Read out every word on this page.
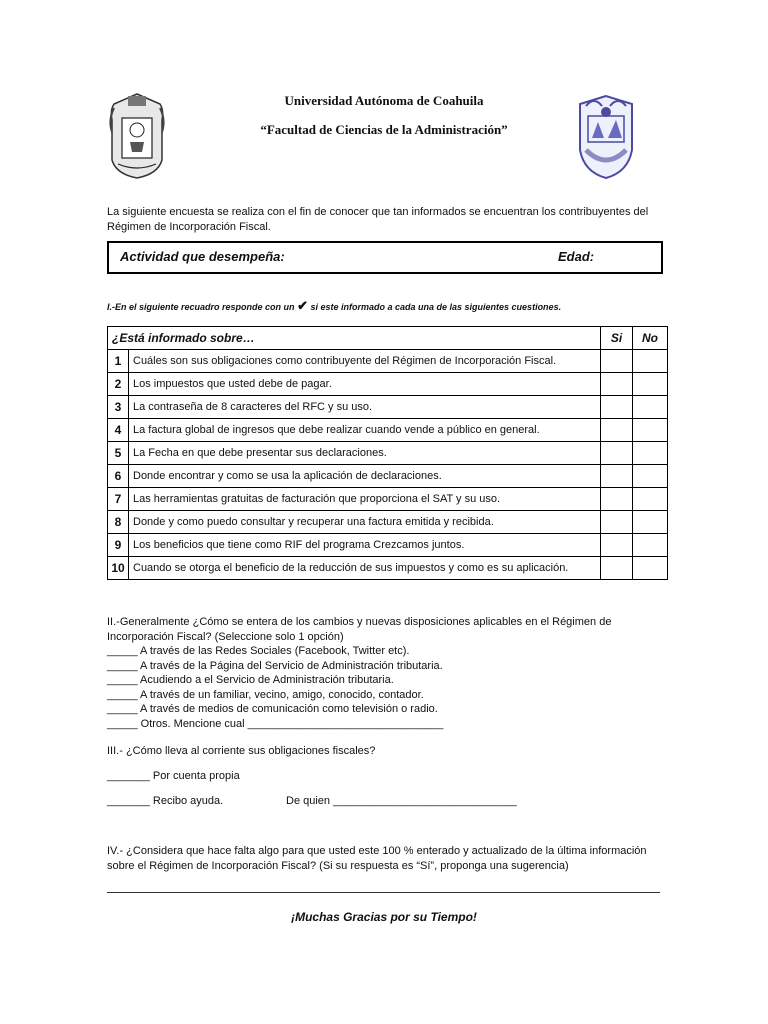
Universidad Autónoma de Coahuila
“Facultad de Ciencias de la Administración”
La siguiente encuesta se realiza con el fin de conocer que tan informados se encuentran los contribuyentes del Régimen de Incorporación Fiscal.
Actividad que desempeña:	Edad:
I.-En el siguiente recuadro responde con un ✔ si este informado a cada una de las siguientes cuestiones.
¿Está informado sobre…		Si	No
1	Cuáles son sus obligaciones como contribuyente del Régimen de Incorporación Fiscal.		
2	Los impuestos que usted debe de pagar.		
3	La contraseña de 8 caracteres del RFC y su uso.		
4	La factura global de ingresos que debe realizar cuando vende a público en general.		
5	La Fecha en que debe presentar sus declaraciones.		
6	Donde encontrar y como se usa la aplicación de declaraciones.		
7	Las herramientas gratuitas de facturación que proporciona el SAT y su uso.		
8	Donde y como puedo consultar y recuperar una factura emitida y recibida.		
9	Los beneficios que tiene como RIF del programa Crezcamos juntos.		
10	Cuando se otorga el beneficio de la reducción de sus impuestos y como es su aplicación.		
II.-Generalmente ¿Cómo se entera de los cambios y nuevas disposiciones aplicables en el Régimen de Incorporación Fiscal? (Seleccione solo 1 opción)
_____ A través de las Redes Sociales (Facebook, Twitter etc).
_____ A través de la Página del Servicio de Administración tributaria.
_____ Acudiendo a el Servicio de Administración tributaria.
_____ A través de un familiar, vecino, amigo, conocido, contador.
_____ A través de medios de comunicación como televisión o radio.
_____ Otros. Mencione cual ________________________________
III.- ¿Cómo lleva al corriente sus obligaciones fiscales?
_______ Por cuenta propia
_______ Recibo ayuda.	De quien ______________________________
IV.- ¿Considera que hace falta algo para que usted este 100 % enterado y actualizado de la última información sobre el Régimen de Incorporación Fiscal? (Si su respuesta es “Sí”, proponga una sugerencia)
¡Muchas Gracias por su Tiempo!
